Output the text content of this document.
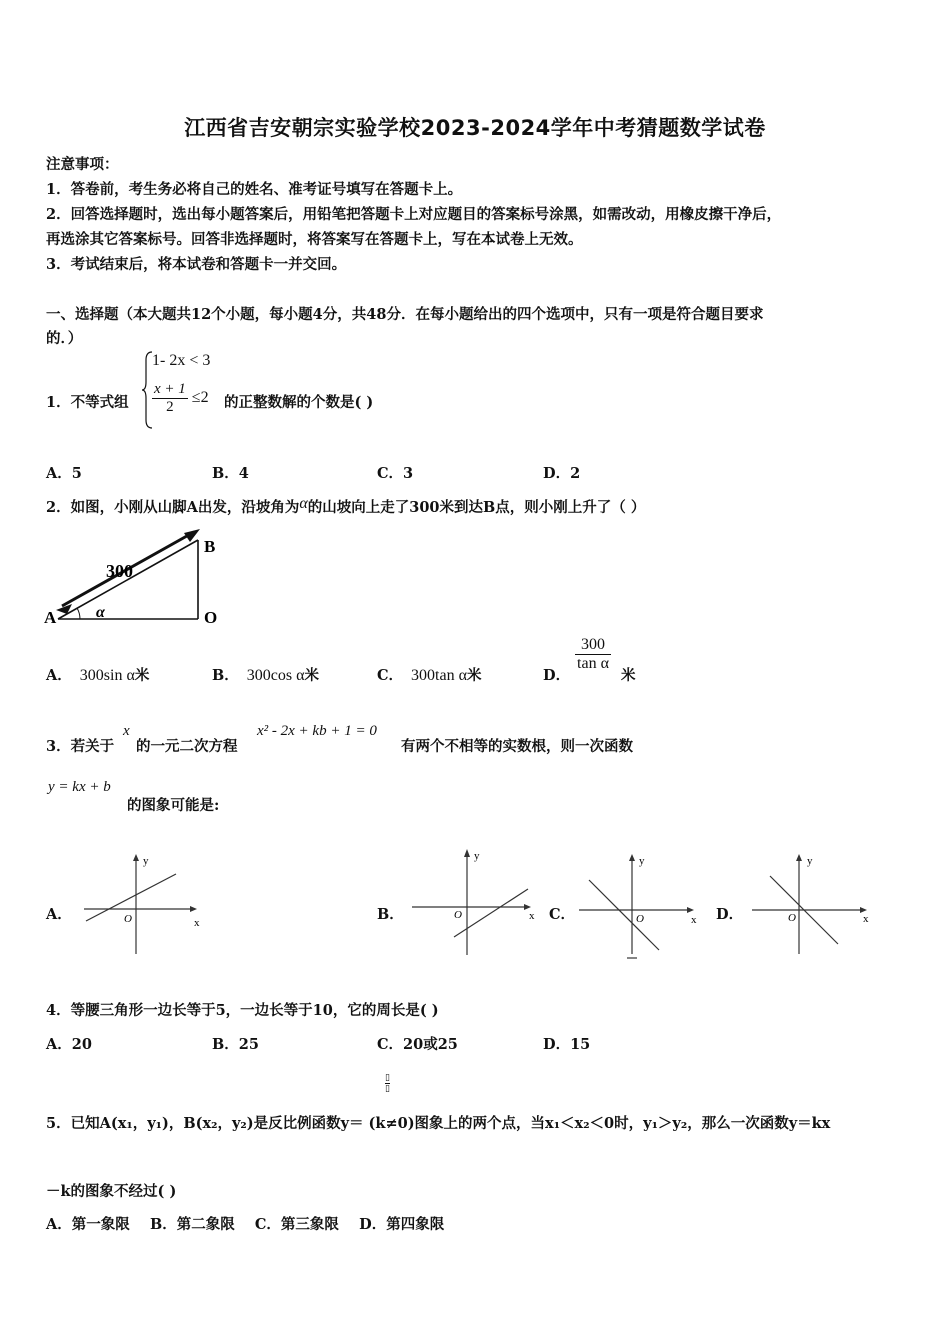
江西省吉安朝宗实验学校2023-2024学年中考猜题数学试卷
注意事项：
1．答卷前，考生务必将自己的姓名、准考证号填写在答题卡上。
2．回答选择题时，选出每小题答案后，用铅笔把答题卡上对应题目的答案标号涂黑，如需改动，用橡皮擦干净后，
再选涂其它答案标号。回答非选择题时，将答案写在答题卡上，写在本试卷上无效。
3．考试结束后，将本试卷和答题卡一并交回。
一、选择题（本大题共12个小题，每小题4分，共48分．在每小题给出的四个选项中，只有一项是符合题目要求
的．）
1．不等式组
1- 2x < 3
$\frac{x + 1}{2} \le 2$ 的正整数解的个数是( )
A．5	B．4	C．3	D．2
2．如图，小刚从山脚A出发，沿坡角为α的山坡向上走了300米到达B点，则小刚上升了（ ）
300
B
A	O
α
A． 300sin α米	B． 300cos α米	C． 300tan α米	D．
$\frac{300}{\text{tan α}}$
米
3．若关于
x
的一元二次方程
x² - 2x + kb + 1 = 0
有两个不相等的实数根，则一次函数
y = kx + b
的图象可能是:
A．	B．	C．	D．
y
x
O
y
x
O
y
x
O
y
x
O
4．等腰三角形一边长等于5，一边长等于10，它的周长是( )
A．20	B．25	C．20或25	D．15
▯
▯
5．已知A(x₁，y₁)，B(x₂，y₂)是反比例函数y＝ (k≠0)图象上的两个点，当x₁＜x₂＜0时，y₁＞y₂，那么一次函数y＝kx
－k的图象不经过( )
A．第一象限    B．第二象限    C．第三象限    D．第四象限
